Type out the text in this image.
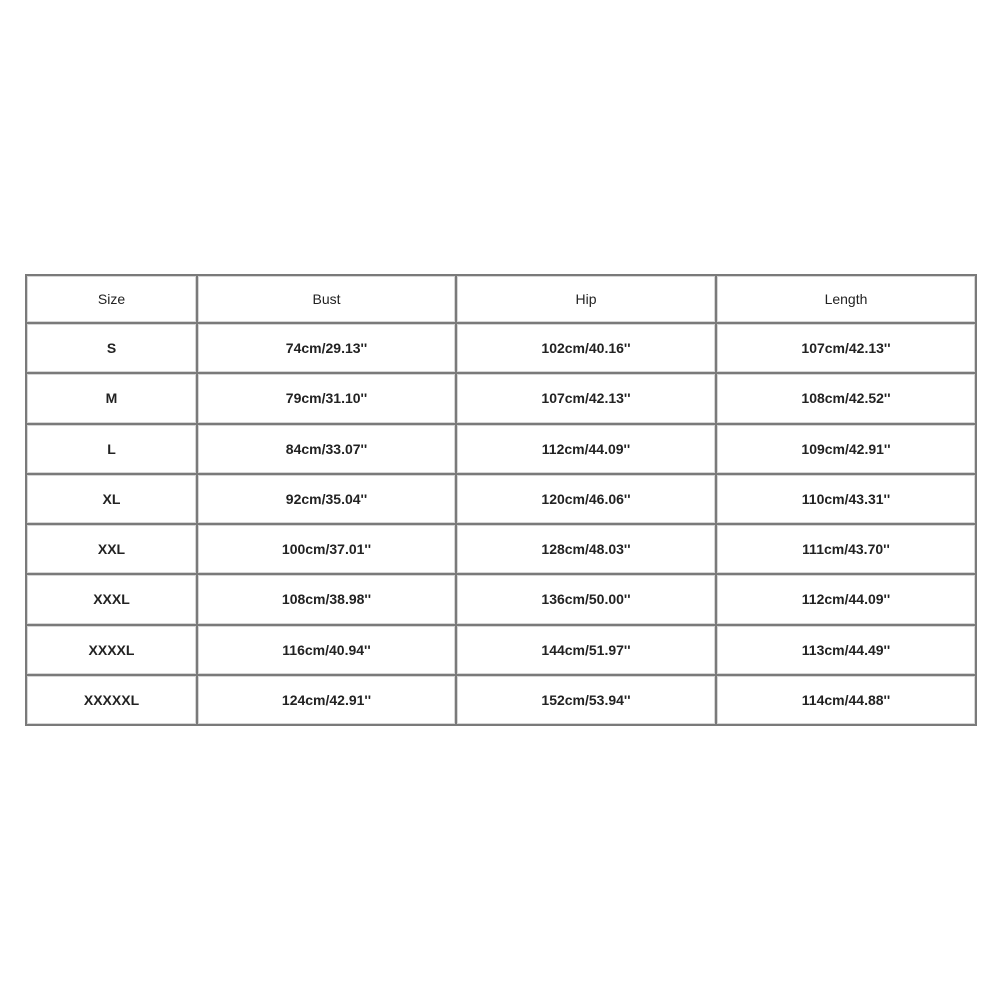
Size	Bust	Hip	Length
S	74cm/29.13''	102cm/40.16''	107cm/42.13''
M	79cm/31.10''	107cm/42.13''	108cm/42.52''
L	84cm/33.07''	112cm/44.09''	109cm/42.91''
XL	92cm/35.04''	120cm/46.06''	110cm/43.31''
XXL	100cm/37.01''	128cm/48.03''	111cm/43.70''
XXXL	108cm/38.98''	136cm/50.00''	112cm/44.09''
XXXXL	116cm/40.94''	144cm/51.97''	113cm/44.49''
XXXXXL	124cm/42.91''	152cm/53.94''	114cm/44.88''
